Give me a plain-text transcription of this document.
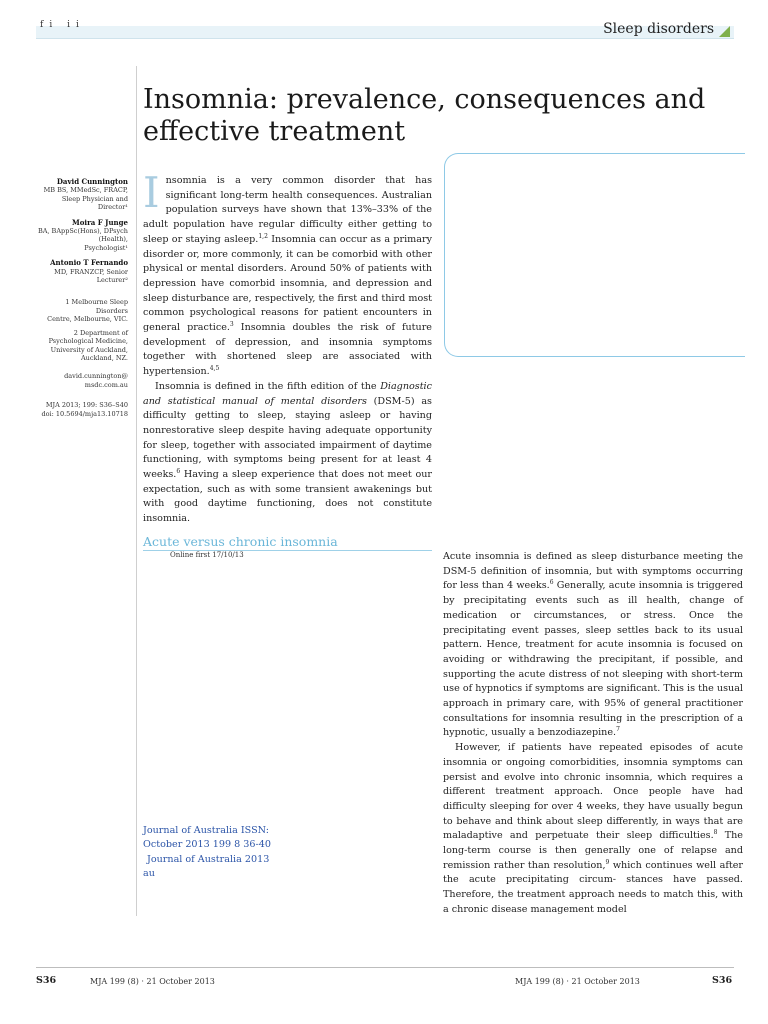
fi ii	Sleep disorders
Insomnia: prevalence, consequences and effective treatment
David Cunnington
MB BS, MMedSc, FRACP,
Sleep Physician and
Director¹
Moira F Junge
BA, BAppSc(Hons), DPsych
(Health),
Psychologist¹
Antonio T Fernando
MD, FRANZCP, Senior
Lecturer²
1 Melbourne Sleep Disorders
Centre, Melbourne, VIC.
2 Department of
Psychological Medicine,
University of Auckland,
Auckland, NZ.
david.cunnington@
msdc.com.au
MJA 2013; 199: S36–S40
doi: 10.5694/mja13.10718

Insomnia is a very common disorder that has significant long-term health consequences. Australian population surveys have shown that 13%–33% of the adult population have regular difficulty either getting to sleep or staying asleep.$^{1,2}$ Insomnia can occur as a primary disorder or, more commonly, it can be comorbid with other physical or mental disorders. Around 50% of patients with depression have comorbid insomnia, and depression and sleep disturbance are, respectively, the first and third most common psychological reasons for patient encounters in general practice.$^3$ Insomnia doubles the risk of future development of depression, and insomnia symptoms together with shortened sleep are associated with hypertension.$^{4,5}$

Insomnia is defined in the fifth edition of the Diagnostic and statistical manual of mental disorders (DSM-5) as difficulty getting to sleep, staying asleep or having nonrestorative sleep despite having adequate opportunity for sleep, together with associated impairment of daytime functioning, with symptoms being present for at least 4 weeks.$^6$ Having a sleep experience that does not meet our expectation, such as with some transient awakenings but with good daytime functioning, does not constitute insomnia.

Acute versus chronic insomnia
Online first 17/10/13	Acute insomnia is defined as sleep disturbance meeting the DSM-5 definition of insomnia, but with symptoms occurring for less than 4 weeks.$^6$ Generally, acute insomnia is triggered by precipitating events such as ill health, change of medication or circumstances, or stress. Once the precipitating event passes, sleep settles back to its usual pattern. Hence, treatment for acute insomnia is focused on avoiding or withdrawing the precipitant, if possible, and supporting the acute distress of not sleeping with short-term use of hypnotics if symptoms are significant. This is the usual approach in primary care, with 95% of general practitioner consultations for insomnia resulting in the prescription of a hypnotic, usually a benzodiazepine.$^7$

However, if patients have repeated episodes of acute insomnia or ongoing comorbidities, insomnia symptoms can persist and evolve into chronic insomnia, which requires a different treatment approach. Once people have had difficulty sleeping for over 4 weeks, they have usually begun to behave and think about sleep differently, in ways that are maladaptive and perpetuate their sleep difficulties.$^8$ The long-term course is then generally one of relapse and remission rather than resolution,$^9$ which continues well after the acute precipitating circum- stances have passed. Therefore, the treatment approach needs to match this, with a chronic disease management model

Journal of Australia ISSN:
October 2013 199 8 36-40
Journal of Australia 2013
au
S36	MJA 199 (8) · 21 October 2013	MJA 199 (8) · 21 October 2013	S36
